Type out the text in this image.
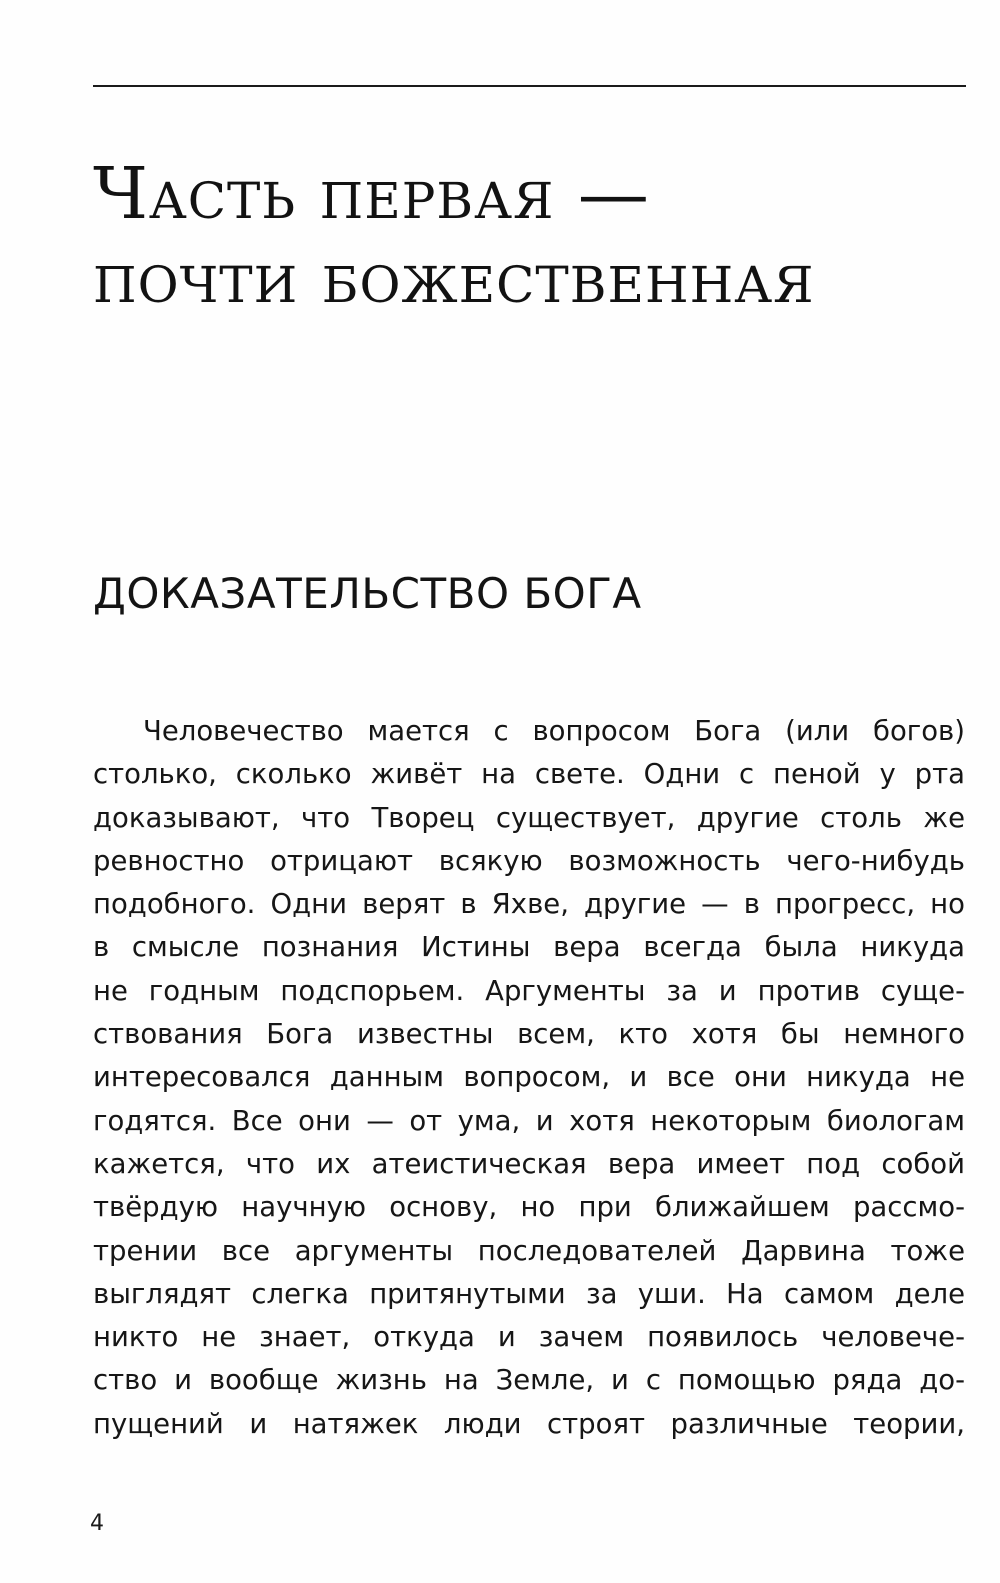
Часть первая —
почти божественная
ДОКАЗАТЕЛЬСТВО БОГА
Человечество мается с вопросом Бога (или богов)
столько, сколько живёт на свете. Одни с пеной у рта
доказывают, что Творец существует, другие столь же
ревностно отрицают всякую возможность чего-нибудь
подобного. Одни верят в Яхве, другие — в прогресс, но
в смысле познания Истины вера всегда была никуда
не годным подспорьем. Аргументы за и против суще-
ствования Бога известны всем, кто хотя бы немного
интересовался данным вопросом, и все они никуда не
годятся. Все они — от ума, и хотя некоторым биологам
кажется, что их атеистическая вера имеет под собой
твёрдую научную основу, но при ближайшем рассмо-
трении все аргументы последователей Дарвина тоже
выглядят слегка притянутыми за уши. На самом деле
никто не знает, откуда и зачем появилось человече-
ство и вообще жизнь на Земле, и с помощью ряда до-
пущений и натяжек люди строят различные теории,
4
